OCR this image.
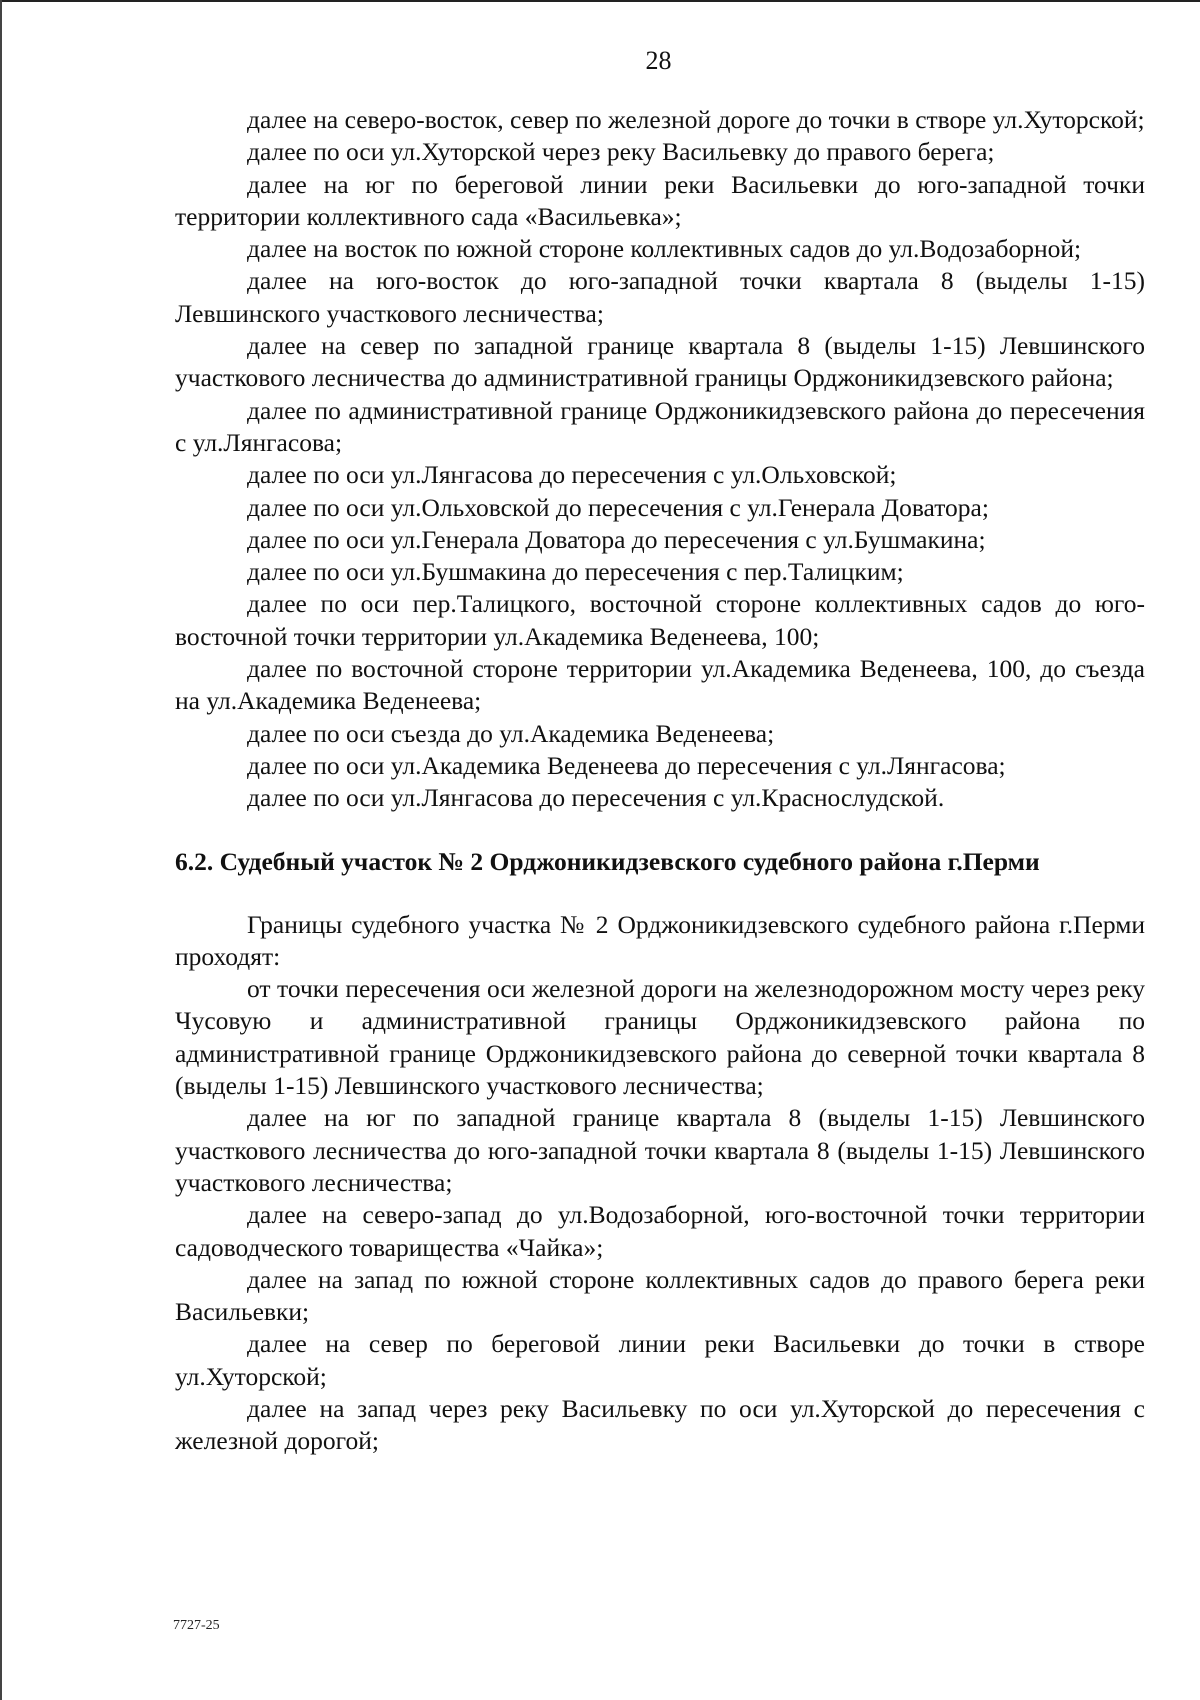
28

далее на северо-восток, север по железной дороге до точки в створе ул.Хуторской;

далее по оси ул.Хуторской через реку Васильевку до правого берега;

далее на юг по береговой линии реки Васильевки до юго-западной точки территории коллективного сада «Васильевка»;

далее на восток по южной стороне коллективных садов до ул.Водозаборной;

далее на юго-восток до юго-западной точки квартала 8 (выделы 1-15) Левшинского участкового лесничества;

далее на север по западной границе квартала 8 (выделы 1-15) Левшинского участкового лесничества до административной границы Орджоникидзевского района;

далее по административной границе Орджоникидзевского района до пересечения с ул.Лянгасова;

далее по оси ул.Лянгасова до пересечения с ул.Ольховской;

далее по оси ул.Ольховской до пересечения с ул.Генерала Доватора;

далее по оси ул.Генерала Доватора до пересечения с ул.Бушмакина;

далее по оси ул.Бушмакина до пересечения с пер.Талицким;

далее по оси пер.Талицкого, восточной стороне коллективных садов до юго-восточной точки территории ул.Академика Веденеева, 100;

далее по восточной стороне территории ул.Академика Веденеева, 100, до съезда на ул.Академика Веденеева;

далее по оси съезда до ул.Академика Веденеева;

далее по оси ул.Академика Веденеева до пересечения с ул.Лянгасова;

далее по оси ул.Лянгасова до пересечения с ул.Краснослудской.

6.2. Судебный участок № 2 Орджоникидзевского судебного района г.Перми

Границы судебного участка № 2 Орджоникидзевского судебного района г.Перми проходят:

от точки пересечения оси железной дороги на железнодорожном мосту через реку Чусовую и административной границы Орджоникидзевского района по административной границе Орджоникидзевского района до северной точки квартала 8 (выделы 1-15) Левшинского участкового лесничества;

далее на юг по западной границе квартала 8 (выделы 1-15) Левшинского участкового лесничества до юго-западной точки квартала 8 (выделы 1-15) Левшинского участкового лесничества;

далее на северо-запад до ул.Водозаборной, юго-восточной точки территории садоводческого товарищества «Чайка»;

далее на запад по южной стороне коллективных садов до правого берега реки Васильевки;

далее на север по береговой линии реки Васильевки до точки в створе ул.Хуторской;

далее на запад через реку Васильевку по оси ул.Хуторской до пересечения с железной дорогой;

7727-25
